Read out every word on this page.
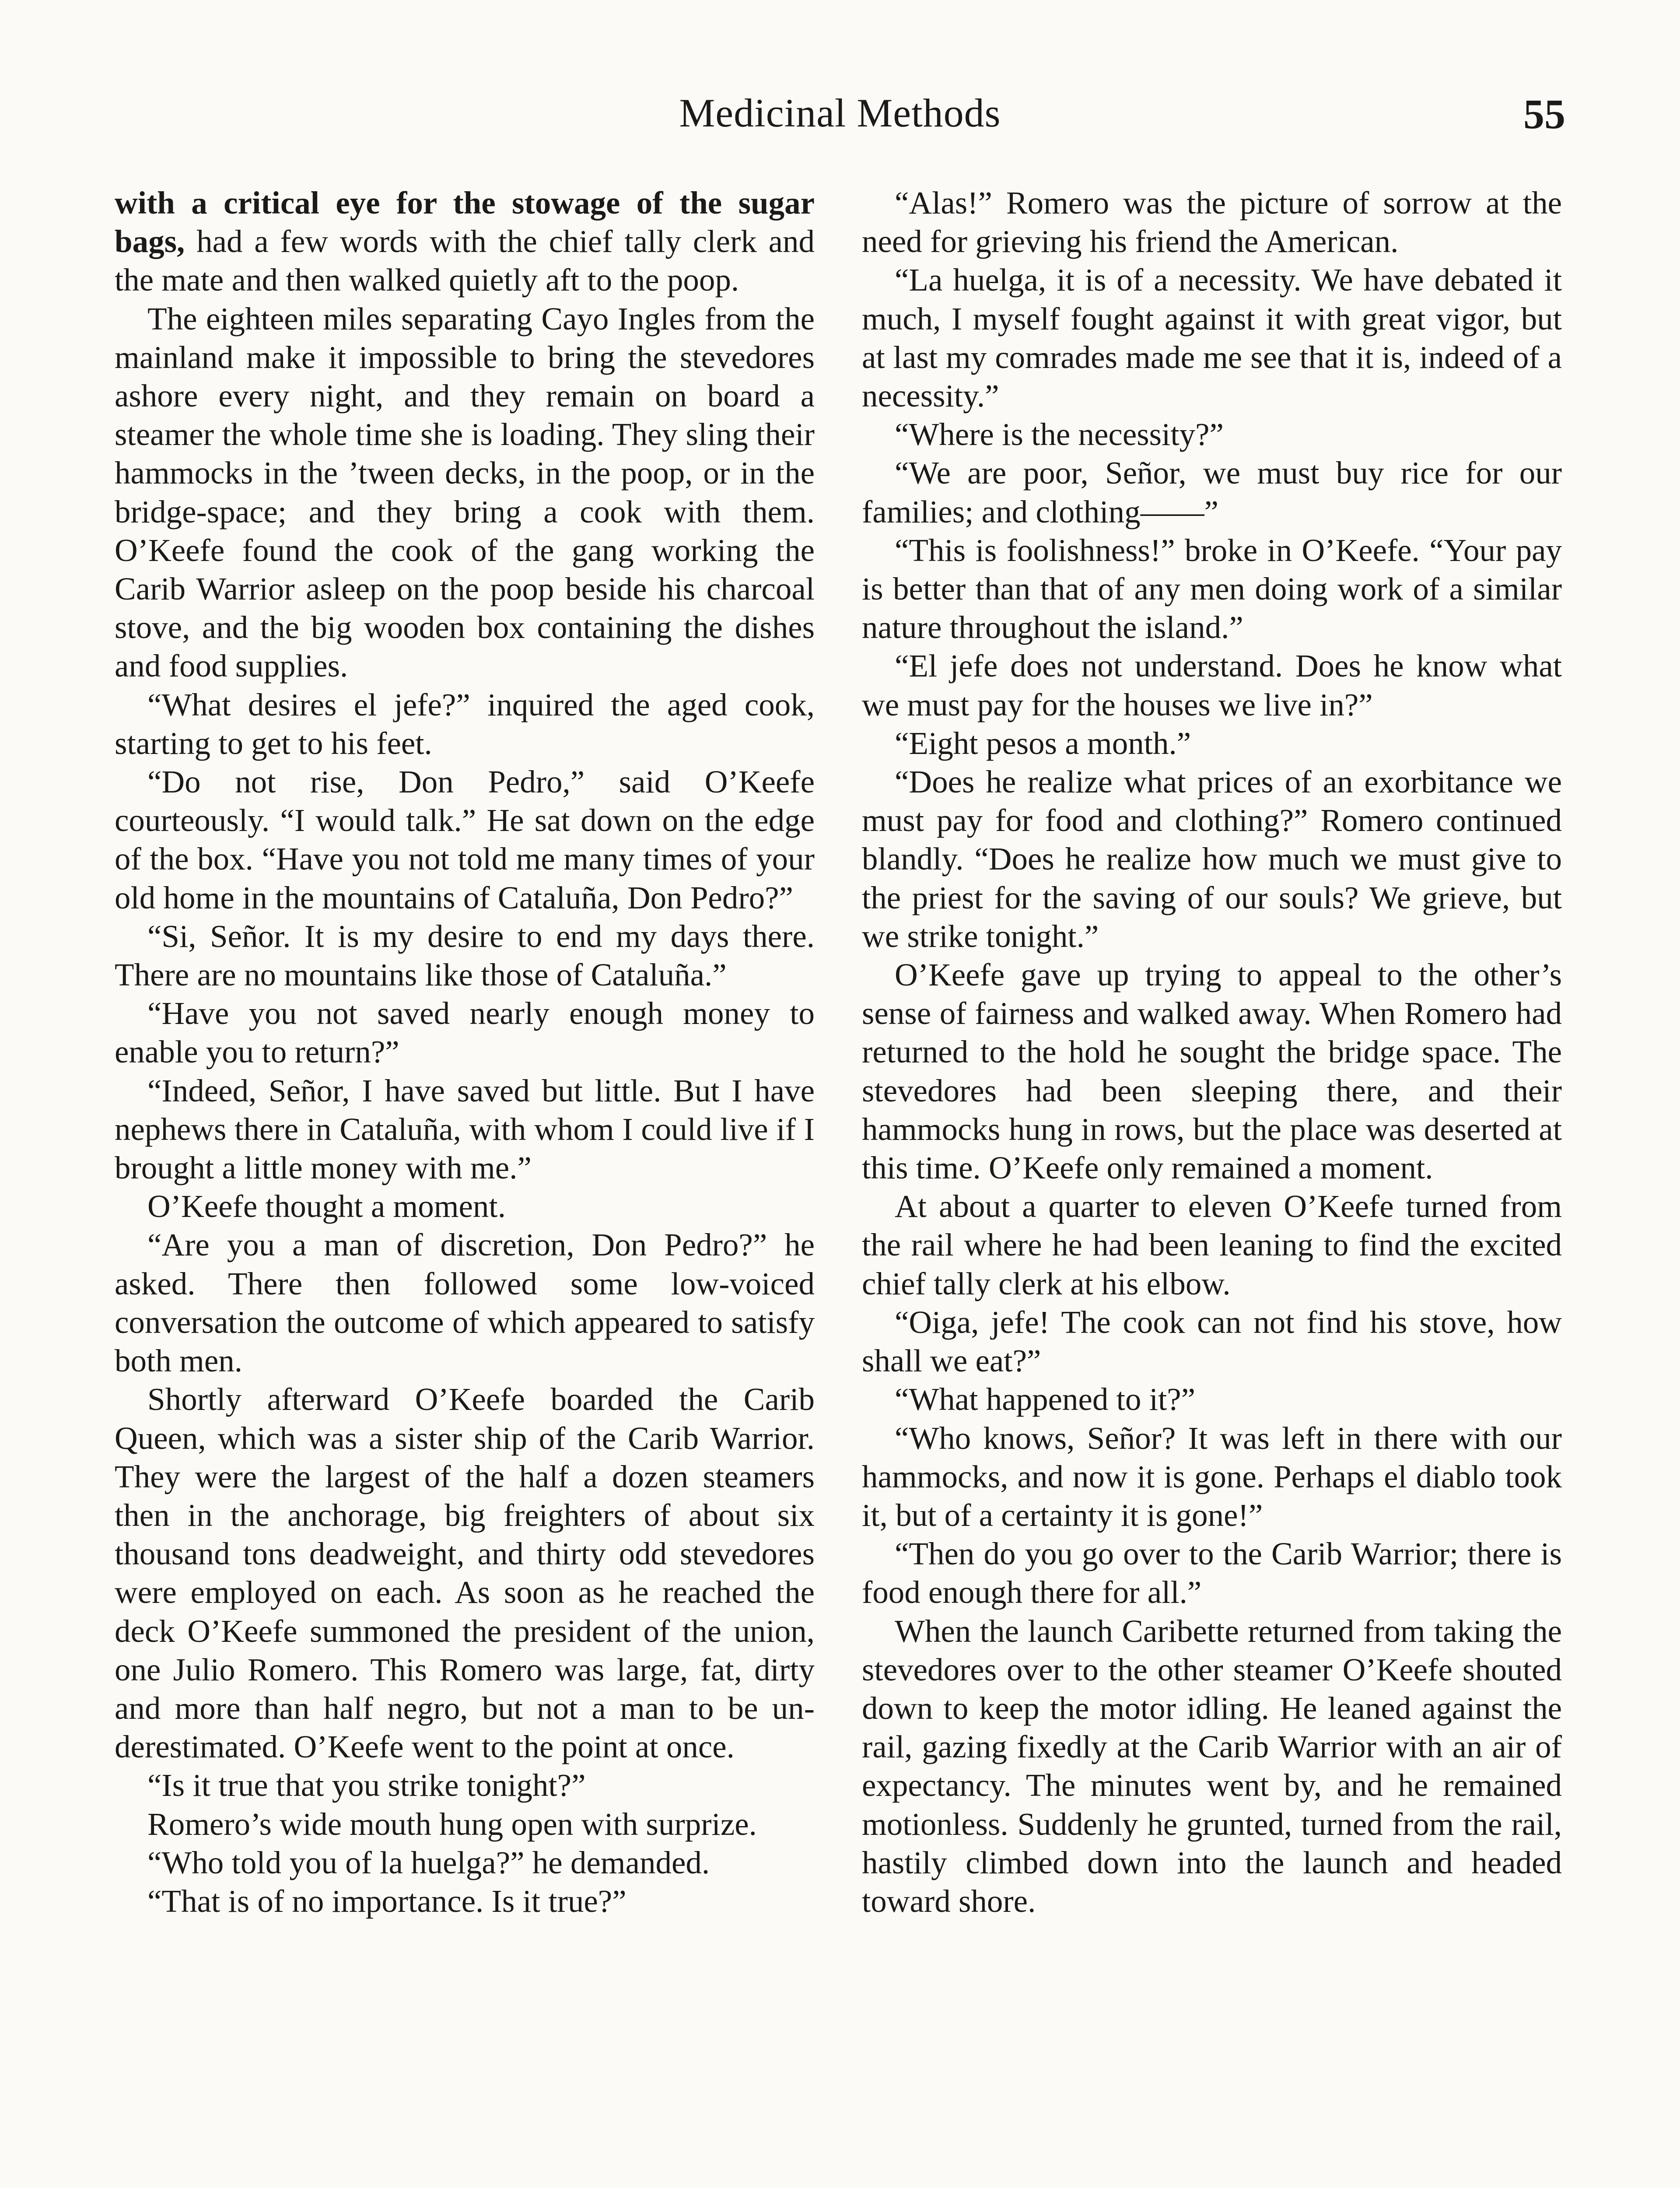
Medicinal Methods	55

with a critical eye for the stowage of the sugar bags, had a few words with the chief tally clerk and the mate and then walked quietly aft to the poop.

The eighteen miles separating Cayo Ingles from the mainland make it impossible to bring the stevedores ashore every night, and they remain on board a steamer the whole time she is loading. They sling their hammocks in the ’tween decks, in the poop, or in the bridge-space; and they bring a cook with them. O’Keefe found the cook of the gang working the Carib Warrior asleep on the poop beside his charcoal stove, and the big wooden box containing the dishes and food supplies.

“What desires el jefe?” inquired the aged cook, starting to get to his feet.

“Do not rise, Don Pedro,” said O’Keefe courteously. “I would talk.” He sat down on the edge of the box. “Have you not told me many times of your old home in the mountains of Cataluña, Don Pedro?”

“Si, Señor. It is my desire to end my days there. There are no mountains like those of Cataluña.”

“Have you not saved nearly enough money to enable you to return?”

“Indeed, Señor, I have saved but little. But I have nephews there in Cataluña, with whom I could live if I brought a little money with me.”

O’Keefe thought a moment.

“Are you a man of discretion, Don Pedro?” he asked. There then followed some low-voiced conversation the outcome of which appeared to satisfy both men.

Shortly afterward O’Keefe boarded the Carib Queen, which was a sister ship of the Carib Warrior. They were the largest of the half a dozen steamers then in the anchorage, big freighters of about six thousand tons deadweight, and thirty odd stevedores were employed on each. As soon as he reached the deck O’Keefe summoned the president of the union, one Julio Romero. This Romero was large, fat, dirty and more than half negro, but not a man to be underestimated. O’Keefe went to the point at once.

“Is it true that you strike tonight?”

Romero’s wide mouth hung open with surprize.

“Who told you of la huelga?” he demanded.

“That is of no importance. Is it true?”

“Alas!” Romero was the picture of sorrow at the need for grieving his friend the American.

“La huelga, it is of a necessity. We have debated it much, I myself fought against it with great vigor, but at last my comrades made me see that it is, indeed of a necessity.”

“Where is the necessity?”

“We are poor, Señor, we must buy rice for our families; and clothing——”

“This is foolishness!” broke in O’Keefe. “Your pay is better than that of any men doing work of a similar nature throughout the island.”

“El jefe does not understand. Does he know what we must pay for the houses we live in?”

“Eight pesos a month.”

“Does he realize what prices of an exorbitance we must pay for food and clothing?” Romero continued blandly. “Does he realize how much we must give to the priest for the saving of our souls? We grieve, but we strike tonight.”

O’Keefe gave up trying to appeal to the other’s sense of fairness and walked away. When Romero had returned to the hold he sought the bridge space. The stevedores had been sleeping there, and their hammocks hung in rows, but the place was deserted at this time. O’Keefe only remained a moment.

At about a quarter to eleven O’Keefe turned from the rail where he had been leaning to find the excited chief tally clerk at his elbow.

“Oiga, jefe! The cook can not find his stove, how shall we eat?”

“What happened to it?”

“Who knows, Señor? It was left in there with our hammocks, and now it is gone. Perhaps el diablo took it, but of a certainty it is gone!”

“Then do you go over to the Carib Warrior; there is food enough there for all.”

When the launch Caribette returned from taking the stevedores over to the other steamer O’Keefe shouted down to keep the motor idling. He leaned against the rail, gazing fixedly at the Carib Warrior with an air of expectancy. The minutes went by, and he remained motionless. Suddenly he grunted, turned from the rail, hastily climbed down into the launch and headed toward shore.
